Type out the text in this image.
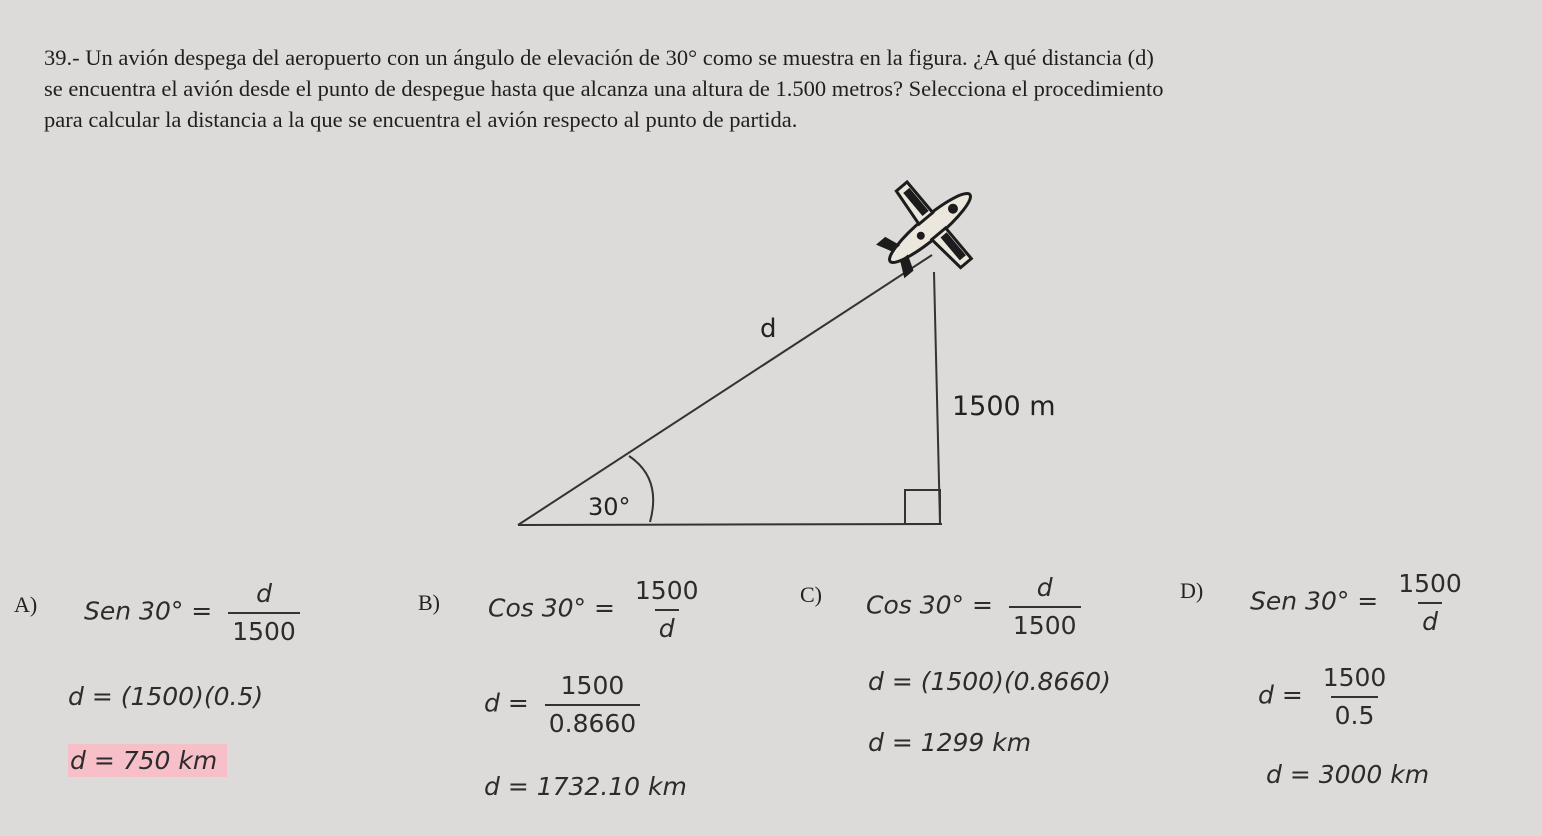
39.- Un avión despega del aeropuerto con un ángulo de elevación de 30° como se muestra en la figura. ¿A qué distancia (d)
se encuentra el avión desde el punto de despegue hasta que alcanza una altura de 1.500 metros? Selecciona el procedimiento
para calcular la distancia a la que se encuentra el avión respecto al punto de partida.

d
1500 m
30°
A) Sen $30^\circ = \frac{d}{1500}$
d = (1500)(0.5)
d = 750 km
B) Cos $30^\circ = \frac{1500}{d}$
$d = \frac{1500}{0.8660}$
d = 1732.10 km
C) Cos $30^\circ = \frac{d}{1500}$
d = (1500)(0.8660)
d = 1299 km
D) Sen $30^\circ = \frac{1500}{d}$
$d = \frac{1500}{0.5}$
d = 3000 km
